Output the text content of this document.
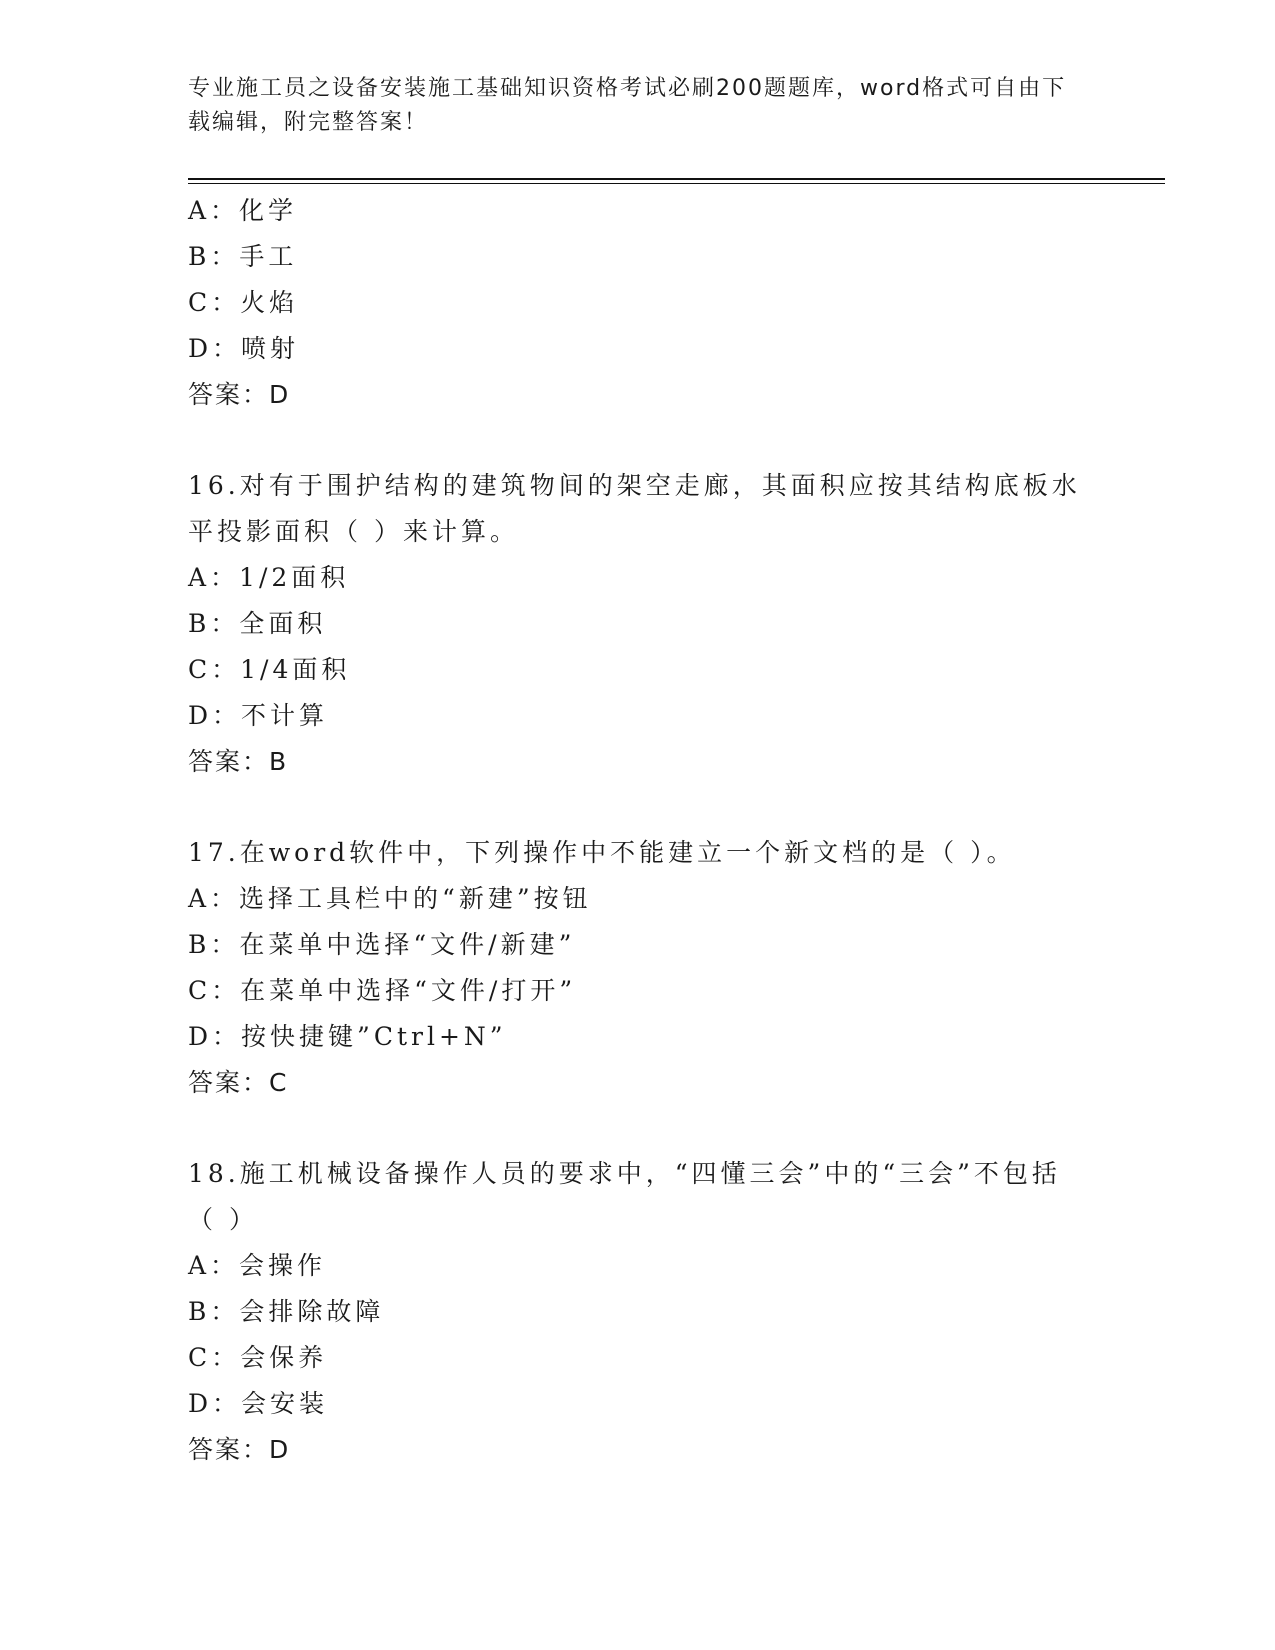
专业施工员之设备安装施工基础知识资格考试必刷200题题库，word格式可自由下载编辑，附完整答案！

A：化学

B：手工

C：火焰

D：喷射

答案：D

16.对有于围护结构的建筑物间的架空走廊，其面积应按其结构底板水平投影面积（ ）来计算。

A：1/2面积

B：全面积

C：1/4面积

D：不计算

答案：B

17.在word软件中，下列操作中不能建立一个新文档的是（ ）。

A：选择工具栏中的“新建”按钮

B：在菜单中选择“文件/新建”

C：在菜单中选择“文件/打开”

D：按快捷键”Ctrl+N”

答案：C

18.施工机械设备操作人员的要求中，“四懂三会”中的“三会”不包括（ ）

A：会操作

B：会排除故障

C：会保养

D：会安装

答案：D
